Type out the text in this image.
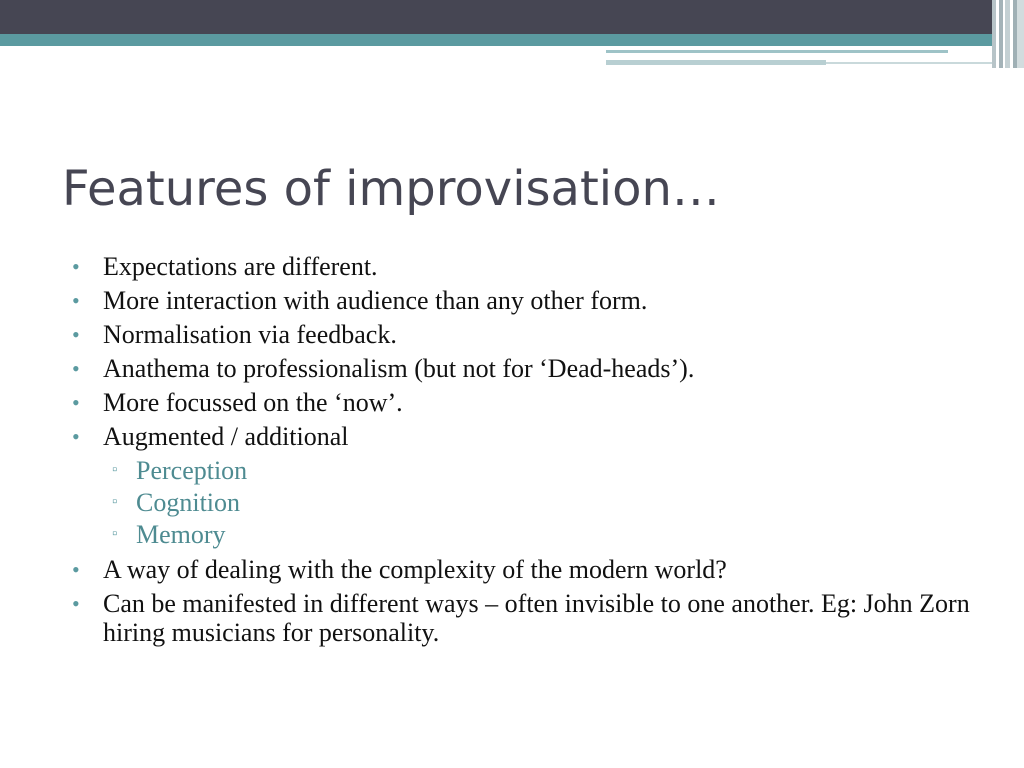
Features of improvisation…
• Expectations are different.
• More interaction with audience than any other form.
• Normalisation via feedback.
• Anathema to professionalism (but not for ‘Dead-heads’).
• More focussed on the ‘now’.
• Augmented / additional
▫ Perception
▫ Cognition
▫ Memory
• A way of dealing with the complexity of the modern world?
• Can be manifested in different ways – often invisible to one another. Eg: John Zorn hiring musicians for personality.
